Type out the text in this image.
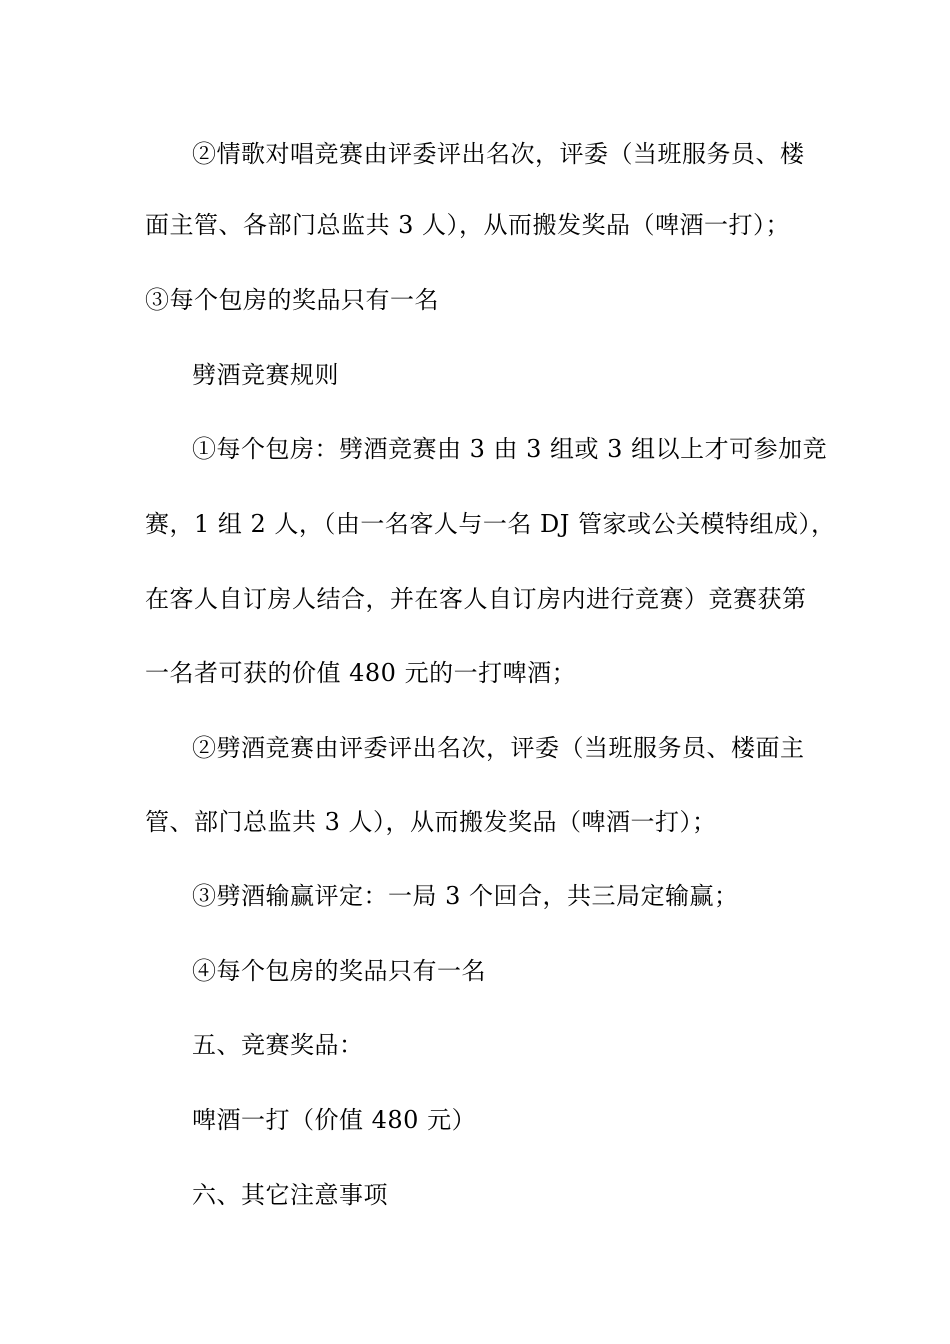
②情歌对唱竞赛由评委评出名次，评委（当班服务员、楼
面主管、各部门总监共 3 人），从而搬发奖品（啤酒一打）；
③每个包房的奖品只有一名
劈酒竞赛规则
①每个包房：劈酒竞赛由 3 由 3 组或 3 组以上才可参加竞
赛，1 组 2 人，（由一名客人与一名 DJ 管家或公关模特组成），
在客人自订房人结合，并在客人自订房内进行竞赛）竞赛获第
一名者可获的价值 480 元的一打啤酒；
②劈酒竞赛由评委评出名次，评委（当班服务员、楼面主
管、部门总监共 3 人），从而搬发奖品（啤酒一打）；
③劈酒输赢评定：一局 3 个回合，共三局定输赢；
④每个包房的奖品只有一名
五、竞赛奖品：
啤酒一打（价值 480 元）
六、其它注意事项
